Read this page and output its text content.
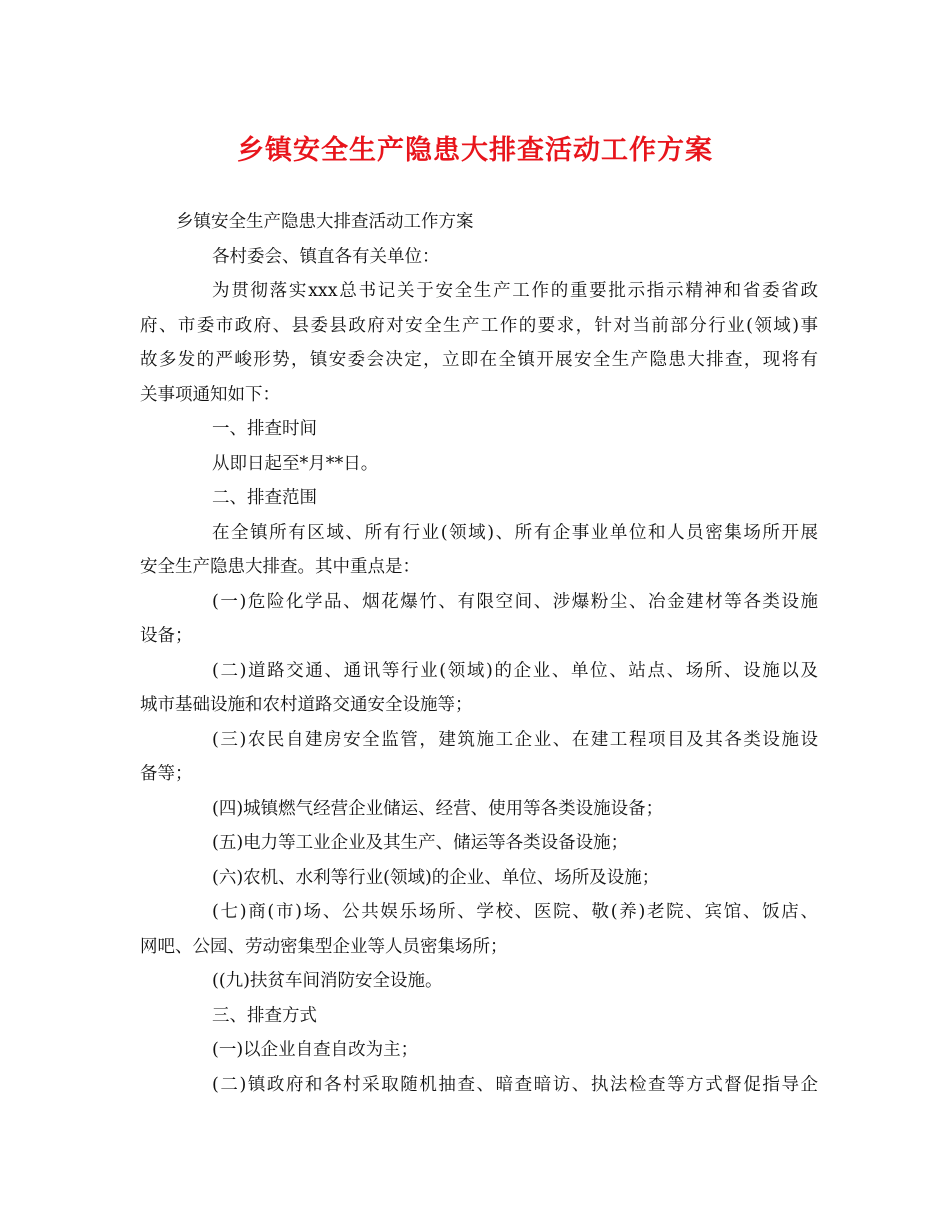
乡镇安全生产隐患大排查活动工作方案
乡镇安全生产隐患大排查活动工作方案
各村委会、镇直各有关单位：
为贯彻落实xxx总书记关于安全生产工作的重要批示指示精神和省委省政
府、市委市政府、县委县政府对安全生产工作的要求，针对当前部分行业(领域)事
故多发的严峻形势，镇安委会决定，立即在全镇开展安全生产隐患大排查，现将有
关事项通知如下：
一、排查时间
从即日起至*月**日。
二、排查范围
在全镇所有区域、所有行业(领域)、所有企事业单位和人员密集场所开展
安全生产隐患大排查。其中重点是：
(一)危险化学品、烟花爆竹、有限空间、涉爆粉尘、冶金建材等各类设施
设备；
(二)道路交通、通讯等行业(领域)的企业、单位、站点、场所、设施以及
城市基础设施和农村道路交通安全设施等；
(三)农民自建房安全监管，建筑施工企业、在建工程项目及其各类设施设
备等；
(四)城镇燃气经营企业储运、经营、使用等各类设施设备；
(五)电力等工业企业及其生产、储运等各类设备设施；
(六)农机、水利等行业(领域)的企业、单位、场所及设施；
(七)商(市)场、公共娱乐场所、学校、医院、敬(养)老院、宾馆、饭店、
网吧、公园、劳动密集型企业等人员密集场所；
((九)扶贫车间消防安全设施。
三、排查方式
(一)以企业自查自改为主；
(二)镇政府和各村采取随机抽查、暗查暗访、执法检查等方式督促指导企
